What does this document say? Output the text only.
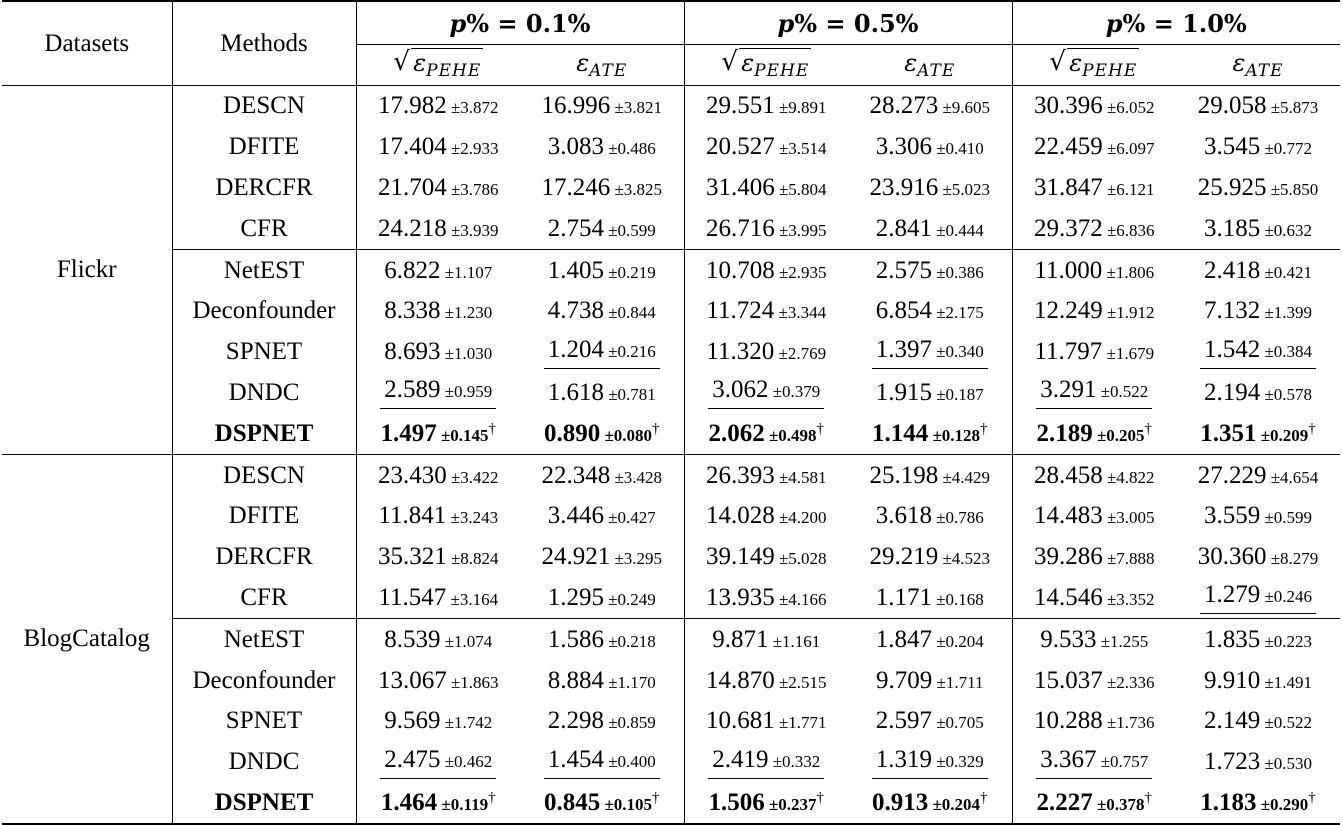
Datasets	Methods	p% = 0.1%		p% = 0.5%		p% = 1.0%	

		√ $\varepsilon_{PEHE}$	$\varepsilon_{ATE}$	√ $\varepsilon_{PEHE}$	$\varepsilon_{ATE}$	√ $\varepsilon_{PEHE}$	$\varepsilon_{ATE}$
Flickr	DESCN	17.982 ±3.872	16.996 ±3.821	29.551 ±9.891	28.273 ±9.605	30.396 ±6.052	29.058 ±5.873
	DFITE	17.404 ±2.933	3.083 ±0.486	20.527 ±3.514	3.306 ±0.410	22.459 ±6.097	3.545 ±0.772
	DERCFR	21.704 ±3.786	17.246 ±3.825	31.406 ±5.804	23.916 ±5.023	31.847 ±6.121	25.925 ±5.850
	CFR	24.218 ±3.939	2.754 ±0.599	26.716 ±3.995	2.841 ±0.444	29.372 ±6.836	3.185 ±0.632
	NetEST	6.822 ±1.107	1.405 ±0.219	10.708 ±2.935	2.575 ±0.386	11.000 ±1.806	2.418 ±0.421
	Deconfounder	8.338 ±1.230	4.738 ±0.844	11.724 ±3.344	6.854 ±2.175	12.249 ±1.912	7.132 ±1.399
	SPNET	8.693 ±1.030	1.204 ±0.216	11.320 ±2.769	1.397 ±0.340	11.797 ±1.679	1.542 ±0.384
	DNDC	2.589 ±0.959	1.618 ±0.781	3.062 ±0.379	1.915 ±0.187	3.291 ±0.522	2.194 ±0.578
	DSPNET	1.497 ±0.145†	0.890 ±0.080†	2.062 ±0.498†	1.144 ±0.128†	2.189 ±0.205†	1.351 ±0.209†
BlogCatalog	DESCN	23.430 ±3.422	22.348 ±3.428	26.393 ±4.581	25.198 ±4.429	28.458 ±4.822	27.229 ±4.654
	DFITE	11.841 ±3.243	3.446 ±0.427	14.028 ±4.200	3.618 ±0.786	14.483 ±3.005	3.559 ±0.599
	DERCFR	35.321 ±8.824	24.921 ±3.295	39.149 ±5.028	29.219 ±4.523	39.286 ±7.888	30.360 ±8.279
	CFR	11.547 ±3.164	1.295 ±0.249	13.935 ±4.166	1.171 ±0.168	14.546 ±3.352	1.279 ±0.246
	NetEST	8.539 ±1.074	1.586 ±0.218	9.871 ±1.161	1.847 ±0.204	9.533 ±1.255	1.835 ±0.223
	Deconfounder	13.067 ±1.863	8.884 ±1.170	14.870 ±2.515	9.709 ±1.711	15.037 ±2.336	9.910 ±1.491
	SPNET	9.569 ±1.742	2.298 ±0.859	10.681 ±1.771	2.597 ±0.705	10.288 ±1.736	2.149 ±0.522
	DNDC	2.475 ±0.462	1.454 ±0.400	2.419 ±0.332	1.319 ±0.329	3.367 ±0.757	1.723 ±0.530
	DSPNET	1.464 ±0.119†	0.845 ±0.105†	1.506 ±0.237†	0.913 ±0.204†	2.227 ±0.378†	1.183 ±0.290†
